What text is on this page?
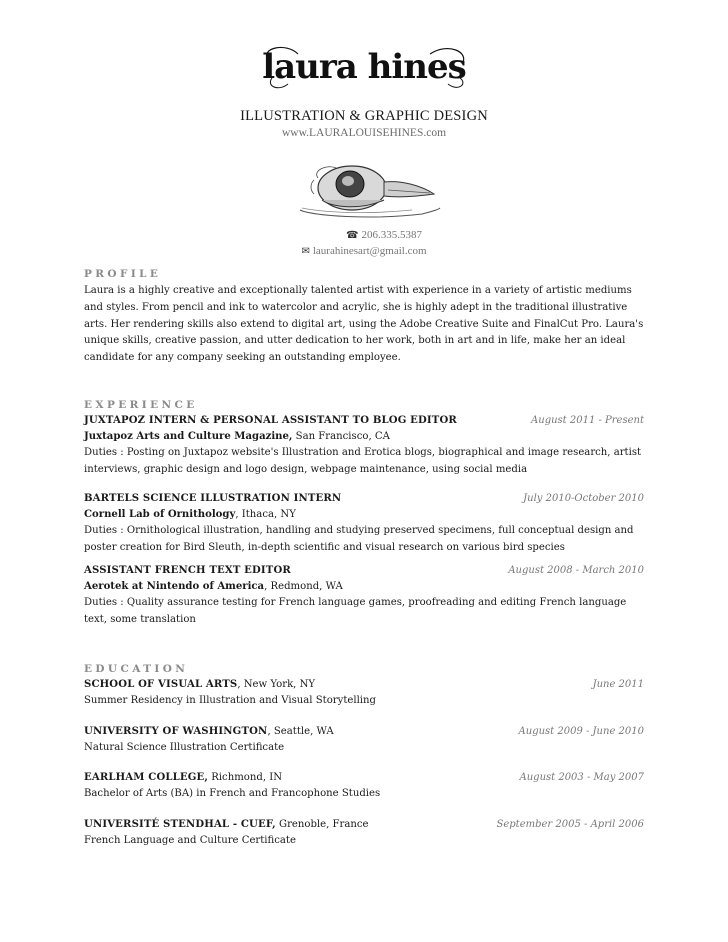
laura hines
ILLUSTRATION & GRAPHIC DESIGN
www.LAURALOUISEHINES.com
☎ 206.335.5387
✉ laurahinesart@gmail.com
PROFILE
Laura is a highly creative and exceptionally talented artist with experience in a variety of artistic mediums
and styles. From pencil and ink to watercolor and acrylic, she is highly adept in the traditional illustrative
arts. Her rendering skills also extend to digital art, using the Adobe Creative Suite and FinalCut Pro. Laura's
unique skills, creative passion, and utter dedication to her work, both in art and in life, make her an ideal
candidate for any company seeking an outstanding employee.
EXPERIENCE
JUXTAPOZ INTERN & PERSONAL ASSISTANT TO BLOG EDITOR	August 2011 - Present
Juxtapoz Arts and Culture Magazine, San Francisco, CA
Duties : Posting on Juxtapoz website's Illustration and Erotica blogs, biographical and image research, artist
interviews, graphic design and logo design, webpage maintenance, using social media
BARTELS SCIENCE ILLUSTRATION INTERN	July 2010-October 2010
Cornell Lab of Ornithology, Ithaca, NY
Duties : Ornithological illustration, handling and studying preserved specimens, full conceptual design and
poster creation for Bird Sleuth, in-depth scientific and visual research on various bird species
ASSISTANT FRENCH TEXT EDITOR	August 2008 - March 2010
Aerotek at Nintendo of America, Redmond, WA
Duties : Quality assurance testing for French language games, proofreading and editing French language
text, some translation
EDUCATION
SCHOOL OF VISUAL ARTS, New York, NY	June 2011
Summer Residency in Illustration and Visual Storytelling
UNIVERSITY OF WASHINGTON, Seattle, WA	August 2009 - June 2010
Natural Science Illustration Certificate
EARLHAM COLLEGE, Richmond, IN	August 2003 - May 2007
Bachelor of Arts (BA) in French and Francophone Studies
UNIVERSITÉ STENDHAL - CUEF, Grenoble, France	September 2005 - April 2006
French Language and Culture Certificate
